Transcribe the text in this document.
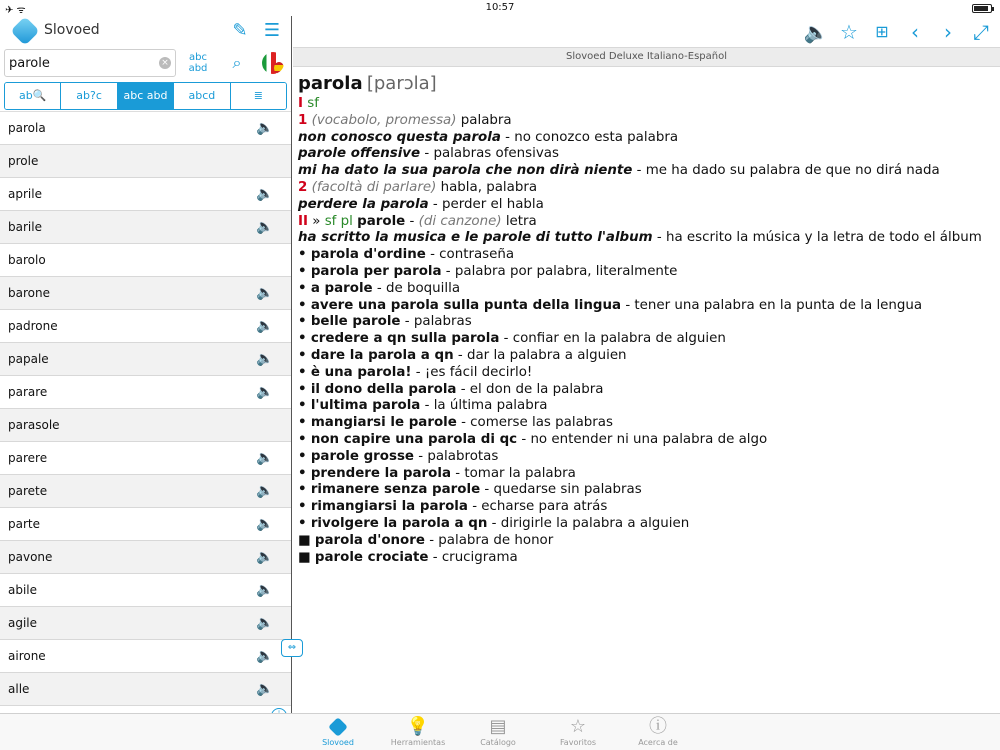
✈ ᯤ	10:57
Slovoed	✎ ☰
parole
×	abc
abd	⌕
ab🔍	ab?c	abc abd	abcd	≣
parola	🔈
prole
aprile	🔈
barile	🔈
barolo
barone	🔈
padrone	🔈
papale	🔈
parare	🔈
parasole
parere	🔈
parete	🔈
parte	🔈
pavone	🔈
abile	🔈
agile	🔈
airone	🔈
alle	🔈
⇔
🔈 ☆	⊞	‹	›	⤢
Slovoed Deluxe Italiano-Español
parola [parɔla]
I sf
1 (vocabolo, promessa) palabra
non conosco questa parola - no conozco esta palabra
parole offensive - palabras ofensivas
mi ha dato la sua parola che non dirà niente - me ha dado su palabra de que no dirá nada
2 (facoltà di parlare) habla, palabra
perdere la parola - perder el habla
II » sf pl parole - (di canzone) letra
ha scritto la musica e le parole di tutto l'album - ha escrito la música y la letra de todo el álbum
• parola d'ordine - contraseña
• parola per parola - palabra por palabra, literalmente
• a parole - de boquilla
• avere una parola sulla punta della lingua - tener una palabra en la punta de la lengua
• belle parole - palabras
• credere a qn sulla parola - confiar en la palabra de alguien
• dare la parola a qn - dar la palabra a alguien
• è una parola! - ¡es fácil decirlo!
• il dono della parola - el don de la palabra
• l'ultima parola - la última palabra
• mangiarsi le parole - comerse las palabras
• non capire una parola di qc - no entender ni una palabra de algo
• parole grosse - palabrotas
• prendere la parola - tomar la palabra
• rimanere senza parole - quedarse sin palabras
• rimangiarsi la parola - echarse para atrás
• rivolgere la parola a qn - dirigirle la palabra a alguien
■ parola d'onore - palabra de honor
■ parole crociate - crucigrama
Slovoed
💡
Herramientas
▤
Catálogo
☆
Favoritos
ⓘ
Acerca de
